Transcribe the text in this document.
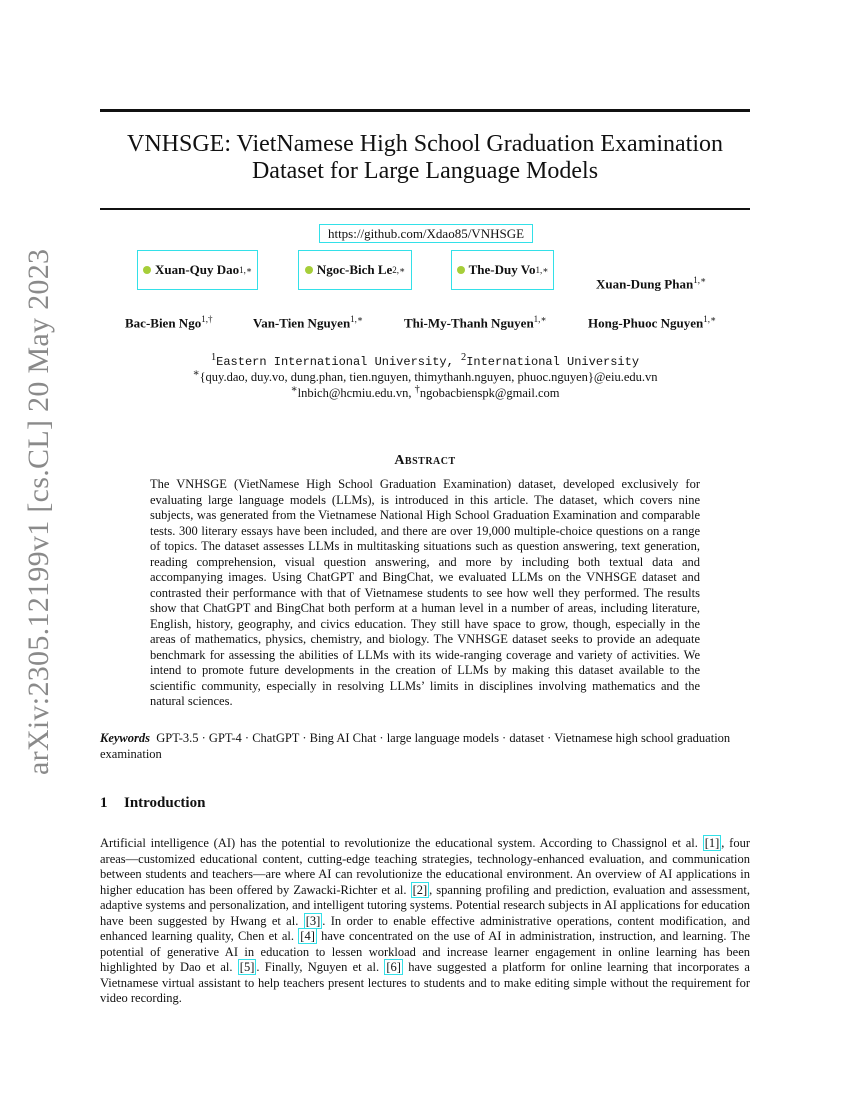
arXiv:2305.12199v1 [cs.CL] 20 May 2023
VNHSGE: VietNamese High School Graduation Examination
Dataset for Large Language Models
https://github.com/Xdao85/VNHSGE
Xuan-Quy Dao 1,∗	Ngoc-Bich Le 2,∗	The-Duy Vo 1,∗
Xuan-Dung Phan$^{1,∗}$
Bac-Bien Ngo$^{1,\dagger}$	Van-Tien Nguyen$^{1,∗}$	Thi-My-Thanh Nguyen$^{1,∗}$	Hong-Phuoc Nguyen$^{1,∗}$
$^1$Eastern International University, $^2$International University
∗{quy.dao, duy.vo, dung.phan, tien.nguyen, thimythanh.nguyen, phuoc.nguyen}@eiu.edu.vn
∗lnbich@hcmiu.edu.vn, †ngobacbienspk@gmail.com
Abstract

The VNHSGE (VietNamese High School Graduation Examination) dataset, developed exclusively for evaluating large language models (LLMs), is introduced in this article. The dataset, which covers nine subjects, was generated from the Vietnamese National High School Graduation Examination and comparable tests. 300 literary essays have been included, and there are over 19,000 multiple-choice questions on a range of topics. The dataset assesses LLMs in multitasking situations such as question answering, text generation, reading comprehension, visual question answering, and more by including both textual data and accompanying images. Using ChatGPT and BingChat, we evaluated LLMs on the VNHSGE dataset and contrasted their performance with that of Vietnamese students to see how well they performed. The results show that ChatGPT and BingChat both perform at a human level in a number of areas, including literature, English, history, geography, and civics education. They still have space to grow, though, especially in the areas of mathematics, physics, chemistry, and biology. The VNHSGE dataset seeks to provide an adequate benchmark for assessing the abilities of LLMs with its wide-ranging coverage and variety of activities. We intend to promote future developments in the creation of LLMs by making this dataset available to the scientific community, especially in resolving LLMs’ limits in disciplines involving mathematics and the natural sciences.

Keywords GPT-3.5 · GPT-4 · ChatGPT · Bing AI Chat · large language models · dataset · Vietnamese high school graduation examination

1 Introduction

Artificial intelligence (AI) has the potential to revolutionize the educational system. According to Chassignol et al. [1] , four areas—customized educational content, cutting-edge teaching strategies, technology-enhanced evaluation, and communication between students and teachers—are where AI can revolutionize the educational environment. An overview of AI applications in higher education has been offered by Zawacki-Richter et al. [2] , spanning profiling and prediction, evaluation and assessment, adaptive systems and personalization, and intelligent tutoring systems. Potential research subjects in AI applications for education have been suggested by Hwang et al. [3] . In order to enable effective administrative operations, content modification, and enhanced learning quality, Chen et al. [4] have concentrated on the use of AI in administration, instruction, and learning. The potential of generative AI in education to lessen workload and increase learner engagement in online learning has been highlighted by Dao et al. [5] . Finally, Nguyen et al. [6] have suggested a platform for online learning that incorporates a Vietnamese virtual assistant to help teachers present lectures to students and to make editing simple without the requirement for video recording.
